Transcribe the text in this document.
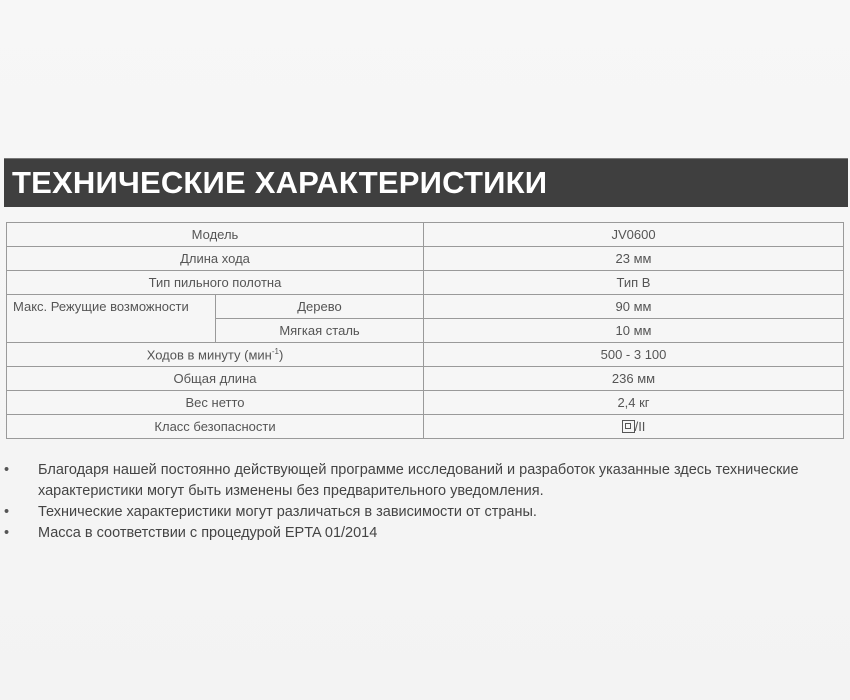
ТЕХНИЧЕСКИЕ ХАРАКТЕРИСТИКИ
Модель		JV0600
Длина хода		23 мм
Тип пильного полотна		Тип B
Макс. Режущие возможности	Дерево	90 мм
	Мягкая сталь	10 мм
Ходов в минуту (мин$^{-1}$)		500 - 3 100
Общая длина		236 мм
Вес нетто		2,4 кг
Класс безопасности		/II
• Благодаря нашей постоянно действующей программе исследований и разработок указанные здесь технические характеристики могут быть изменены без предварительного уведомления.
• Технические характеристики могут различаться в зависимости от страны.
• Масса в соответствии с процедурой EPTA 01/2014
